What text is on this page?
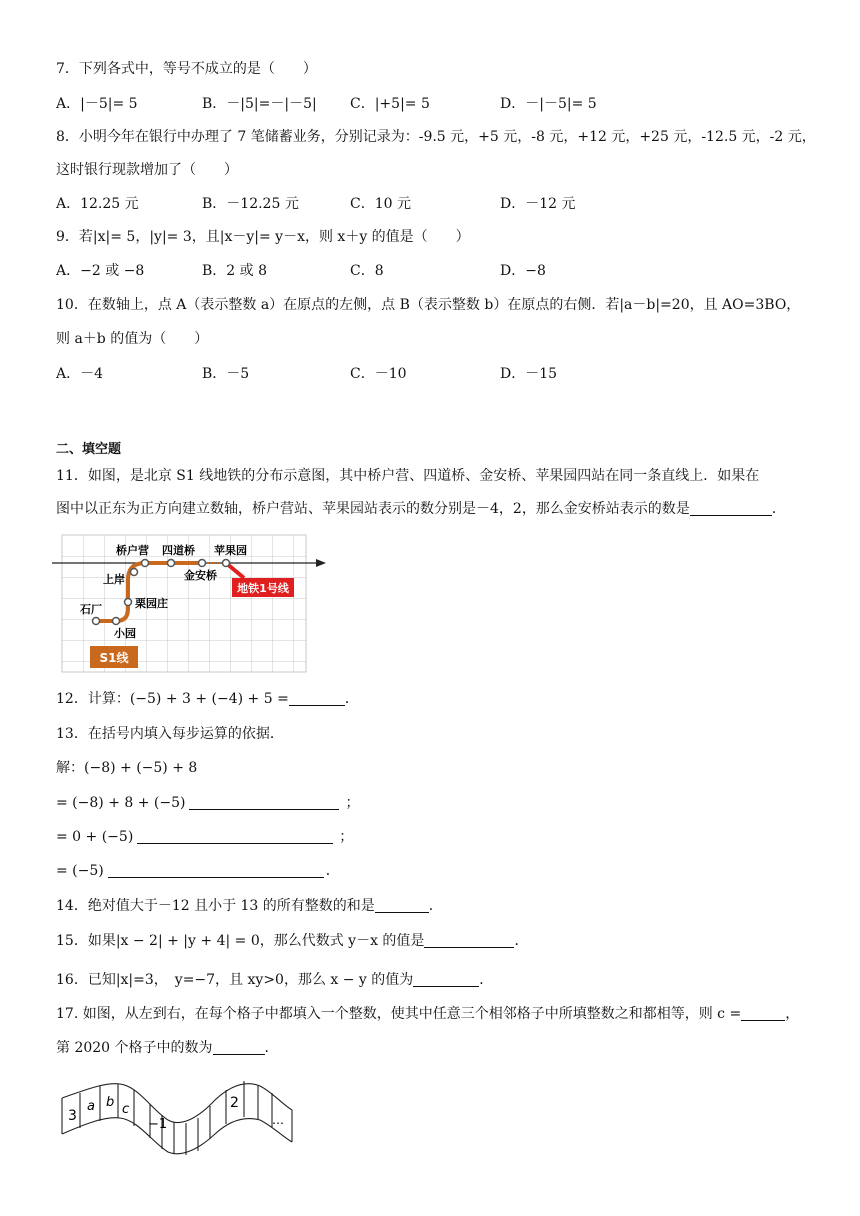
7．下列各式中，等号不成立的是（　　）
A．|－5|= 5	B．－|5|=－|－5| C．|+5|= 5	D．－|－5|= 5
8．小明今年在银行中办理了 7 笔储蓄业务，分别记录为：-9.5 元，+5 元，-8 元，+12 元，+25 元，-12.5 元，-2 元，
这时银行现款增加了（　　）
A．12.25 元	B．－12.25 元	C．10 元	D．－12 元
9．若|x|= 5，|y|= 3，且|x－y|= y－x，则 x＋y 的值是（　　）
A．−2 或 −8	B．2 或 8	C．8	D．−8
10．在数轴上，点 A（表示整数 a）在原点的左侧，点 B（表示整数 b）在原点的右侧．若|a－b|=20，且 AO=3BO，
则 a＋b 的值为（　　）
A．－4	B．－5	C．－10	D．－15
二、填空题
11．如图，是北京 S1 线地铁的分布示意图，其中桥户营、四道桥、金安桥、苹果园四站在同一条直线上．如果在
图中以正东为正方向建立数轴，桥户营站、苹果园站表示的数分别是－4，2，那么金安桥站表示的数是	．
桥户营 四道桥 苹果园
金安桥
上岸
栗园庄
石厂
小园
地铁1号线
S1线
12．计算：(−5) + 3 + (−4) + 5 =	．
13．在括号内填入每步运算的依据．
解：(−8) + (−5) + 8
= (−8) + 8 + (−5)	；
= 0 + (−5)	；
= (−5)	．
14．绝对值大于－12 且小于 13 的所有整数的和是	．
15．如果|x − 2| + |y + 4| = 0，那么代数式 y－x 的值是	．
16．已知|x|=3，　y=−7，且 xy>0，那么 x − y 的值为	．
17. 如图，从左到右，在每个格子中都填入一个整数，使其中任意三个相邻格子中所填整数之和都相等，则 c =	，
第 2020 个格子中的数为	．
3
a b c
−1
2
…
